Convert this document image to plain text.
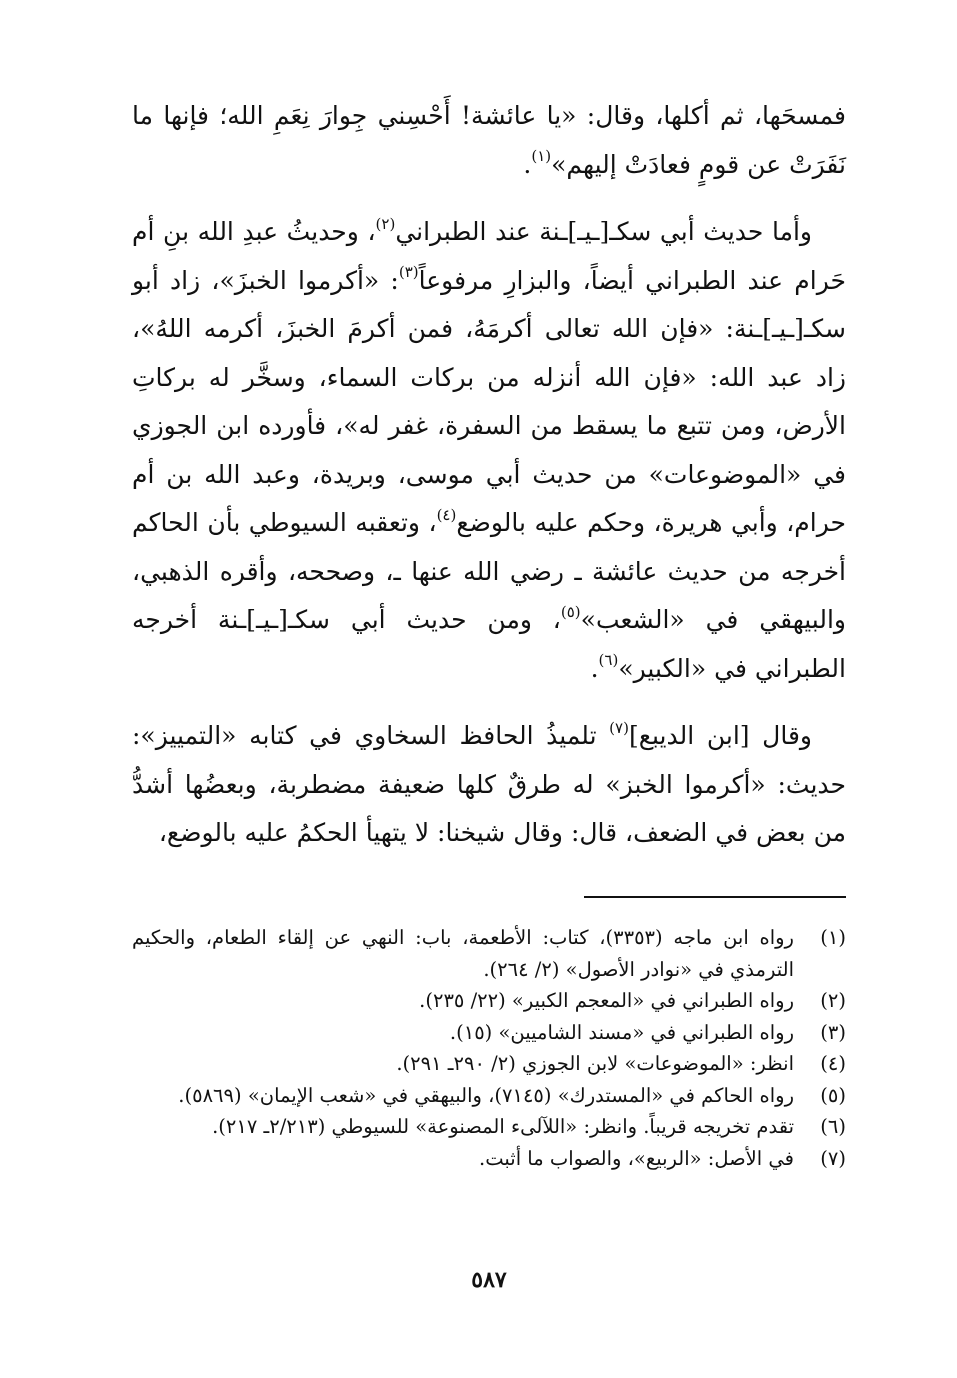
فمسحَها، ثم أكلها، وقال: «يا عائشة! أَحْسِني جِوارَ نِعَمِ الله؛ فإنها ما نَفَرَتْ عن قومٍ فعادَتْ إليهم»$^{(١)}$.

وأما حديث أبي سكـ[ـيـ]ـنة عند الطبراني$^{(٢)}$، وحديثُ عبدِ الله بنِ أم حَرام عند الطبراني أيضاً، والبزارِ مرفوعاً$^{(٣)}$: «أكرموا الخبزَ»، زاد أبو سكـ[ـيـ]ـنة: «فإن الله تعالى أكرمَهُ، فمن أكرمَ الخبزَ، أكرمه اللهُ»، زاد عبد الله: «فإن الله أنزله من بركات السماء، وسخَّر له بركاتِ الأرض، ومن تتبع ما يسقط من السفرة، غفر له»، فأورده ابن الجوزي في «الموضوعات» من حديث أبي موسى، وبريدة، وعبد الله بن أم حرام، وأبي هريرة، وحكم عليه بالوضع$^{(٤)}$، وتعقبه السيوطي بأن الحاكم أخرجه من حديث عائشة ـ رضي الله عنها ـ، وصححه، وأقره الذهبي، والبيهقي في «الشعب»$^{(٥)}$، ومن حديث أبي سكـ[ـيـ]ـنة أخرجه الطبراني في «الكبير»$^{(٦)}$.

وقال [ابن الديبع]$^{(٧)}$ تلميذُ الحافظ السخاوي في كتابه «التمييز»: حديث: «أكرموا الخبز» له طرقٌ كلها ضعيفة مضطربة، وبعضُها أشدُّ من بعض في الضعف، قال: وقال شيخنا: لا يتهيأ الحكمُ عليه بالوضع،

(١)
رواه ابن ماجه (٣٣٥٣)، كتاب: الأطعمة، باب: النهي عن إلقاء الطعام، والحكيم الترمذي في «نوادر الأصول» (٢/ ٢٦٤).
(٢)
رواه الطبراني في «المعجم الكبير» (٢٢/ ٢٣٥).
(٣)
رواه الطبراني في «مسند الشاميين» (١٥).
(٤)
انظر: «الموضوعات» لابن الجوزي (٢/ ٢٩٠ـ ٢٩١).
(٥)
رواه الحاكم في «المستدرك» (٧١٤٥)، والبيهقي في «شعب الإيمان» (٥٨٦٩).
(٦)
تقدم تخريجه قريباً. وانظر: «اللآلىء المصنوعة» للسيوطي (٢/٢١٣ـ ٢١٧).
(٧)
في الأصل: «الربيع»، والصواب ما أثبت.
٥٨٧
